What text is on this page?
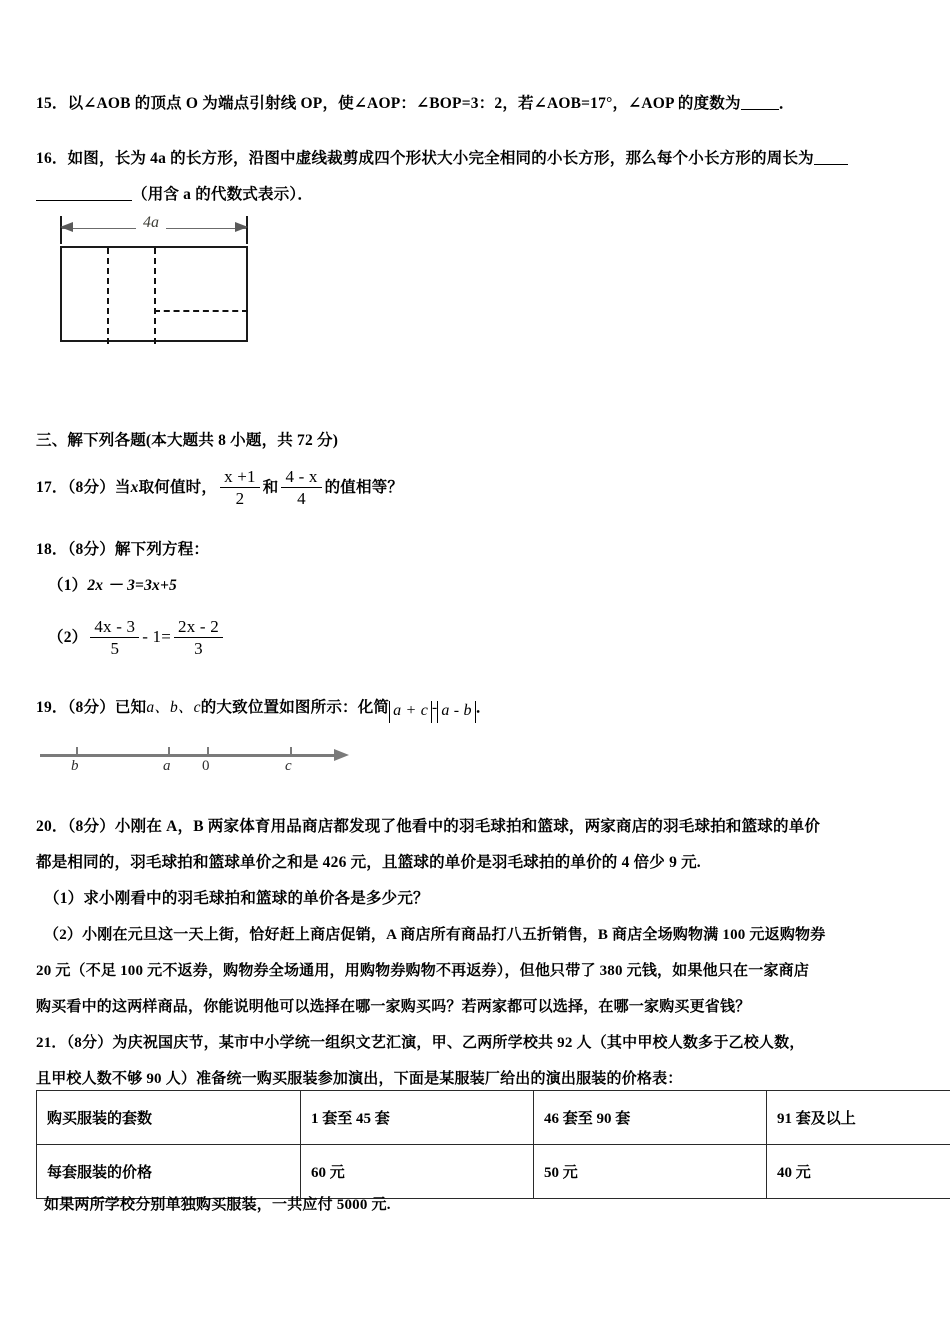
15．以∠AOB 的顶点 O 为端点引射线 OP，使∠AOP：∠BOP=3：2，若∠AOB=17°，∠AOP 的度数为 ．
16．如图，长为 4a 的长方形，沿图中虚线裁剪成四个形状大小完全相同的小长方形，那么每个小长方形的周长为
（用含 a 的代数式表示）．
4a
三、解下列各题(本大题共 8 小题，共 72 分)
17．（8分）当x取何值时， $\frac{x +1}{2}$ 和 $\frac{4 - x}{4}$ 的值相等？
18．（8分）解下列方程：
（1）2x － 3=3x+5
$(2) \frac{4x - 3}{5} - 1= \frac{2x - 2}{3}$
19．（8分）已知a、b、c的大致位置如图所示：化简 a + c - a - b ．
b	a 0	c
20．（8分）小刚在 A，B 两家体育用品商店都发现了他看中的羽毛球拍和篮球，两家商店的羽毛球拍和篮球的单价
都是相同的，羽毛球拍和篮球单价之和是 426 元，且篮球的单价是羽毛球拍的单价的 4 倍少 9 元.
（1）求小刚看中的羽毛球拍和篮球的单价各是多少元？
（2）小刚在元旦这一天上街，恰好赶上商店促销，A 商店所有商品打八五折销售，B 商店全场购物满 100 元返购物券
20 元（不足 100 元不返券，购物券全场通用，用购物券购物不再返券），但他只带了 380 元钱，如果他只在一家商店
购买看中的这两样商品，你能说明他可以选择在哪一家购买吗？若两家都可以选择，在哪一家购买更省钱？
21．（8分）为庆祝国庆节，某市中小学统一组织文艺汇演，甲、乙两所学校共 92 人（其中甲校人数多于乙校人数，
且甲校人数不够 90 人）准备统一购买服装参加演出，下面是某服装厂给出的演出服装的价格表：
购买服装的套数	1 套至 45 套	46 套至 90 套	91 套及以上
每套服装的价格	60 元	50 元	40 元
如果两所学校分别单独购买服装，一共应付 5000 元.
